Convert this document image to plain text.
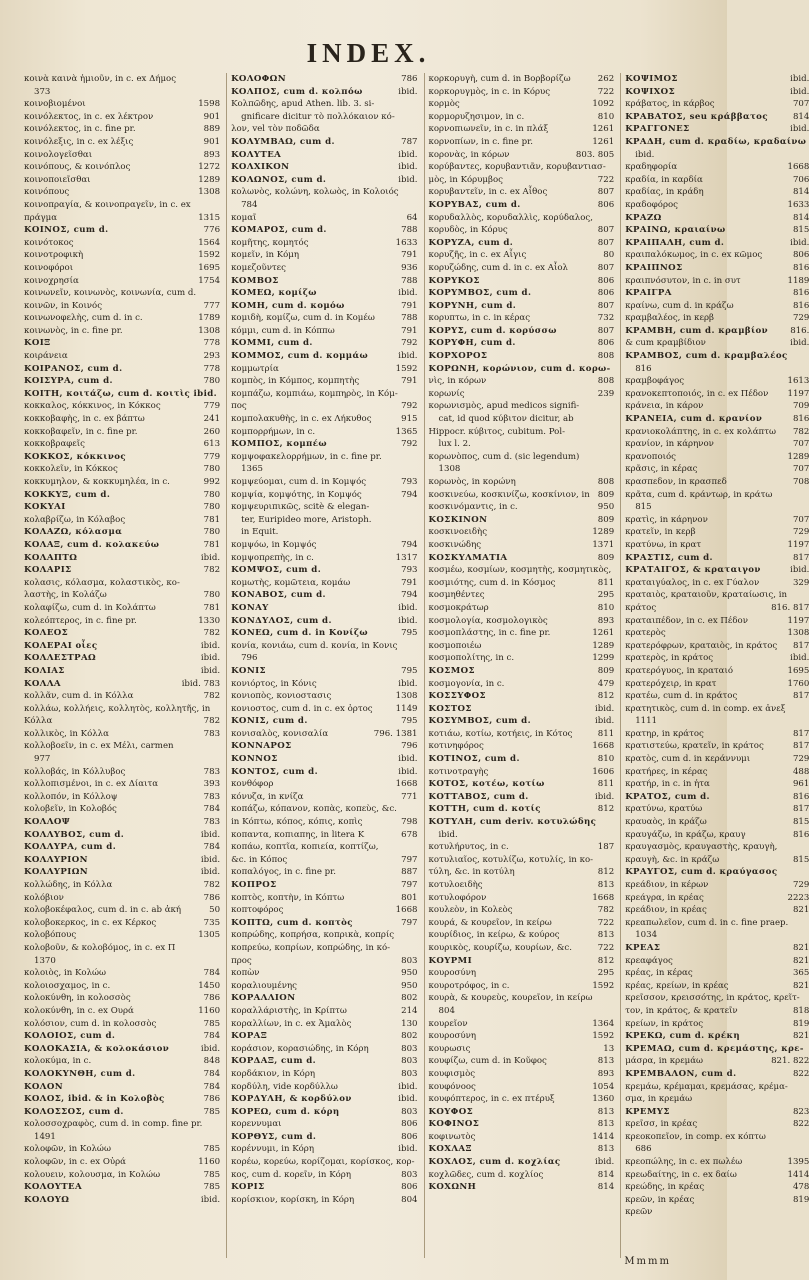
INDEX.
κοινὰ καινὰ ἡμιοῦν, in c. ex Δήμος
373
κοινοβιομένοι	1598
κοινόλεκτος, in c. ex λέκτρον	901
κοινόλεκτος, in c. fine pr.	889
κοινόλεξις, in c. ex λέξις	901
κοινολογεῖσθαι	893
κοινόπους, & κοινόπλος	1272
κοινοποιεῖσθαι	1289
κοινόπους	1308
κοινοπραγία, & κοινοπραγεῖν, in c. ex
πράγμα	1315
ΚΟΙΝΟΣ, cum d.	776
κοινότοκος	1564
κοινοτροφικὴ	1592
κοινοφόροι	1695
κοινοχρησία	1754
κοινωνεῖν, κοινωνὸς, κοινωνία, cum d.
κοινῶν, in Κοινός	777
κοινωνοφελὴς, cum d. in c.	1789
κοινωνὸς, in c. fine pr.	1308
ΚΟΙΞ	778
κοιράνεια	293
ΚΟΙΡΑΝΟΣ, cum d.	778
ΚΟΙΣΥΡΑ, cum d.	780
ΚΟΙΤΗ, κοιτάζω, cum d. κοιτὶς ibid.
κοκκαλος, κόκκινος, in Κόκκος	779
κοκκοβαφὴς, in c. ex βάπτω	241
κοκκοβαφεῖν, in c. fine pr.	260
κοκκοβραφεῖς	613
ΚΟΚΚΟΣ, κόκκινος	779
κοκκολεῖν, in Κόκκος	780
κοκκυμηλον, & κοκκυμηλέα, in c.	992
ΚΟΚΚΥΞ, cum d.	780
ΚΟΚΥΑΙ	780
κολαβρίζω, in Κόλαβος	781
ΚΟΛΑΖΩ, κόλασμα	780
ΚΟΛΑΞ, cum d. κολακεύω	781
ΚΟΛΑΠΤΩ	ibid.
ΚΟΛΑΡΙΣ	782
κολασις, κόλασμα, κολαστικὸς, κο-
λαστὴς, in Κολάζω	780
κολαφίζω, cum d. in Κολάπτω	781
κολεόπτερος, in c. fine pr.	1330
ΚΟΛΕΟΣ	782
ΚΟΛΕΡΑΙ οἶες	ibid.
ΚΟΛΛΕΣΤΡΑΩ	ibid.
ΚΟΛΙΑΣ	ibid.
ΚΟΛΛΑ	ibid. 783
κολλᾶν, cum d. in Κόλλα	782
κολλάω, κολλήεις, κολλητὸς, κολλητῆς, in
Κόλλα	782
κολλικὸς, in Κόλλα	783
κολλοβοεῖν, in c. ex Μέλι, carmen
977
κολλοβάς, in Κόλλυβος	783
κολλοπισμένοι, in c. ex Δίαιτα	393
κολλοπόν, in Κόλλοψ	783
κολοβεῖν, in Κολοβός	784
ΚΟΛΛΟΨ	783
ΚΟΛΛΥΒΟΣ, cum d.	ibid.
ΚΟΛΛΥΡΑ, cum d.	784
ΚΟΛΛΥΡΙΟΝ	ibid.
ΚΟΛΛΥΡΙΩΝ	ibid.
κολλώδης, in Κόλλα	782
κολόβιον	786
κολοβοκέφαλος, cum d. in c. ab ἀκή	50
κολοβοκερκος, in c. ex Κέρκος	735
κολοβόπους	1305
κολοβοῦν, & κολοβόμος, in c. ex Π
1370
κολοιὸς, in Κολώω	784
κολοιοσχαμος, in c.	1450
κολοκύνθη, in κολοσσὸς	786
κολοκύνθη, in c. ex Ουρά	1160
κολόσιον, cum d. in κολοσσὸς	785
ΚΟΛΟΙΟΣ, cum d.	784
ΚΟΛΟΚΑΣΙΑ, & κολοκάσιον	ibid.
κολοκύμα, in c.	848
ΚΟΛΟΚΥΝΘΗ, cum d.	784
ΚΟΛΟΝ	784
ΚΟΛΟΣ, ibid. & in Κολοβὸς	786
ΚΟΛΟΣΣΟΣ, cum d.	785
κολοσσοχραφὸς, cum d. in comp. fine pr.
1491
κολοφῶν, in Κολώω	785
κολοφῶν, in c. ex Οὐρά	1160
κολουειν, κολουσμα, in Κολώω	785
ΚΟΛΟΥΤΕΑ	785
ΚΟΛΟΥΩ	ibid.
ΚΟΛΟΦΩΝ	786
ΚΟΛΠΟΣ, cum d. κολπόω	ibid.
Κολπῶδης, apud Athen. lib. 3. si-
gnificare dicitur τὸ πολλόκαιον κό-
λον, vel τὸν ποδῶδα
ΚΟΛΥΜΒΑΩ, cum d.	787
ΚΟΛΥΤΕΑ	ibid.
ΚΟΛΧΙΚΟΝ	ibid.
ΚΟΛΩΝΟΣ, cum d.	ibid.
κολωνὸς, κολώνη, κολωὸς, in Κολοιός
784
κομαῖ	64
ΚΟΜΑΡΟΣ, cum d.	788
κομῆτης, κομητός	1633
κομεῖν, in Κόμη	791
κομεζοῦντες	936
ΚΟΜΒΟΣ	788
ΚΟΜΕΩ, κομίζω	ibid.
ΚΟΜΗ, cum d. κομόω	791
κομιδὴ, κομίζω, cum d. in Κομέω	788
κόμμι, cum d. in Κόππω	791
ΚΟΜΜΙ, cum d.	792
ΚΟΜΜΟΣ, cum d. κομμάω	ibid.
κομμωτρία	1592
κομπὸς, in Κόμπος, κομπητὴς	791
κομπάζω, κομπιάω, κομπηρὸς, in Κόμ-
πος	792
κομπολακυθὴς, in c. ex Λήκυθος	915
κομπορρήμων, in c.	1365
ΚΟΜΠΟΣ, κομπέω	792
κομψοφακελορρήμων, in c. fine pr.
1365
κομψεύομαι, cum d. in Κομψός	793
κομψία, κομψότης, in Κομψός	794
κομψευριπικῶς, scitè & elegan-
ter, Euripideo more, Aristoph.
in Equit.
κομψόω, in Κομψός	794
κομψοπρεπὴς, in c.	1317
ΚΟΜΨΟΣ, cum d.	793
κομωτὴς, κομῶτεια, κομάω	791
ΚΟΝΑΒΟΣ, cum d.	794
ΚΟΝΑΥ	ibid.
ΚΟΝΔΥΛΟΣ, cum d.	ibid.
ΚΟΝΕΩ, cum d. in Κονίζω	795
κονία, κονιάω, cum d. κονία, in Κονις
796
ΚΟΝΙΣ	795
κονιόρτος, in Κόνις	ibid.
κονιοπὸς, κονιοστασις	1308
κονιοστος, cum d. in c. ex ὀρτος	1149
ΚΟΝΙΣ, cum d.	795
κονισαλὸς, κονισαλία	796. 1381
ΚΟΝΝΑΡΟΣ	796
ΚΟΝΝΟΣ	ibid.
ΚΟΝΤΟΣ, cum d.	ibid.
κονθόφορ	1668
κόνυζα, in κνίζα	771
κοπάζω, κόπανον, κοπὰς, κοπεὺς, &c.
in Κόπτω, κόπος, κόπις, κοπὶς	798
κοπαντα, κοπιαπης, in litera K	678
κοπάω, κοπτῖα, κοπιεία, κοπτίζω,
&c. in Κόπος	797
κοπαλόγος, in c. fine pr.	887
ΚΟΠΡΟΣ	797
κοπτὸς, κοπτὴν, in Κόπτω	801
κοπτοφόρος	1668
ΚΟΠΤΩ, cum d. κοπτὸς	797
κοπρώδης, κοπρήσα, κοπρικὰ, κοπρίς
κοπρεύω, κοπρίων, κοπρώδης, in κό-
προς	803
κοπὼν	950
κοραλιουμένης	950
ΚΟΡΑΛΛΙΟΝ	802
κοραλλάριστὴς, in Κρίπτω	214
κοραλλίων, in c. ex Ἀμαλὸς	130
ΚΟΡΑΞ	802
κοράσιον, κορασιώδης, in Κόρη	803
ΚΟΡΔΑΞ, cum d.	803
κορδάκιον, in Κόρη	803
κορδύλη, vide κορδύλλω	ibid.
ΚΟΡΔΥΛΗ, & κορδύλον	ibid.
ΚΟΡΕΩ, cum d. κόρη	803
κορεννυμαι	806
ΚΟΡΘΥΣ, cum d.	806
κορέννυμι, in Κόρη	ibid.
κορέω, κορεύω, κορίζομαι, κορίσκος, κορ-
κος, cum d. κορεῖν, in Κόρη	803
ΚΟΡΙΣ	806
κορίσκιον, κορίσκη, in Κόρη	804
κορκορυγὴ, cum d. in Βορβορίζω	262
κορκορυγμὸς, in c. in Κόρυς	722
κορμὸς	1092
κορμορυζησιμον, in c.	810
κορνοπιωνεῖν, in c. in πλάξ	1261
κορνοπίων, in c. fine pr.	1261
κορονὰς, in κόρων	803. 805
κορύβαντες, κορυβαντιᾶν, κορυβαντιασ-
μὸς, in Κόρυμβος	722
κορυβαντεῖν, in c. ex Αἶθος	807
ΚΟΡΥΒΑΣ, cum d.	806
κορυδαλλὸς, κορυδαλλὶς, κορύδαλος,
κορυδὸς, in Κόρυς	807
ΚΟΡΥΖΑ, cum d.	807
κορυζῆς, in c. ex Αἶγις	80
κορυζώδης, cum d. in c. ex Αἶολ	807
ΚΟΡΥΚΟΣ	806
ΚΟΡΥΜΒΟΣ, cum d.	806
ΚΟΡΥΝΗ, cum d.	807
κορυπτω, in c. in κέρας	732
ΚΟΡΥΣ, cum d. κορύσσω	807
ΚΟΡΥΦΗ, cum d.	806
ΚΟΡΧΟΡΟΣ	808
ΚΟΡΩΝΗ, κορώνιον, cum d. κορω-
νὶς, in κόρων	808
κορωνίς	239
κορωνισμὸς, apud medicos signifi-
cat, id quod κύβιτον dicitur, ab
Hippocr. κύβιτος, cubitum. Pol-
lux l. 2.
κορωνὸπος, cum d. (sic legendum)
1308
κορωνὸς, in κορώνη	808
κοσκινεύω, κοσκινίζω, κοσκίνιον, in 809
κοσκινόμαντις, in c.	950
ΚΟΣΚΙΝΟΝ	809
κοσκινοειδὴς	1289
κοσκινώδης	1371
ΚΟΣΚΥΛΜΑΤΙΑ	809
κοσμέω, κοσμίων, κοσμητὴς, κοσμητικὸς,
κοσμιότης, cum d. in Κόσμος	811
κοσμηθέντες	295
κοσμοκράτωρ	810
κοσμολογία, κοσμολογικὸς	893
κοσμοπλάστης, in c. fine pr.	1261
κοσμοποιέω	1289
κοσμοπολίτης, in c.	1299
ΚΟΣΜΟΣ	809
κοσμογονία, in c.	479
ΚΟΣΣΥΦΟΣ	812
ΚΟΣΤΟΣ	ibid.
ΚΟΣΥΜΒΟΣ, cum d.	ibid.
κοτιάω, κοτίω, κοτήεις, in Κότος	811
κοτινηφόρος	1668
ΚΟΤΙΝΟΣ, cum d.	810
κοτινοτραγὴς	1606
ΚΟΤΟΣ, κοτέω, κοτίω	811
ΚΟΤΤΑΒΟΣ, cum d.	ibid.
ΚΟΤΤΗ, cum d. κοτίς	812
ΚΟΤΥΛΗ, cum deriv. κοτυλώδης
ibid.
κοτυλήρυτος, in c.	187
κοτυλιαῖος, κοτυλίζω, κοτυλίς, in κο-
τύλη, &c. in κοτύλη	812
κοτυλοειδὴς	813
κοτυλοφόρον	1668
κουλεὸν, in Κολεὸς	782
κουρά, & κουρεῖον, in κείρω	722
κουρίδιος, in κείρω, & κούρος	813
κουρικὸς, κουρίζω, κουρίων, &c.	722
ΚΟΥΡΜΙ	812
κουροσύνη	295
κουροτρόφος, in c.	1592
κουρὰ, & κουρεὺς, κουρεῖον, in κείρω
804
κουρεῖον	1364
κουροσύνη	1592
κουρωσις	13
κουφίζω, cum d. in Κοῦφος	813
κουφισμὸς	893
κουφόνοος	1054
κουφόπτερος, in c. ex πτέρυξ	1360
ΚΟΥΦΟΣ	813
ΚΟΦΙΝΟΣ	813
κοφινωτὸς	1414
ΚΟΧΛΑΞ	813
ΚΟΧΛΟΣ, cum d. κοχλίας	ibid.
κοχλῶδες, cum d. κοχλίος	814
ΚΟΧΩΝΗ	814
ΚΟΨΙΜΟΣ	ibid.
ΚΟΨΙΧΟΣ	ibid.
κράβατος, in κάρβος	707
ΚΡΑΒΑΤΟΣ, seu κράββατος	814
ΚΡΑΓΓΟΝΕΣ	ibid.
ΚΡΑΔΗ, cum d. κραδίω, κραδαίνω
ibid.
κραδηφορία	1668
κραδία, in καρδία	706
κραδίας, in κράδη	814
κραδοφόρος	1633
ΚΡΑΖΩ	814
ΚΡΑΙΝΩ, κραιαίνω	815
ΚΡΑΙΠΑΛΗ, cum d.	ibid.
κραιπαλόκωμος, in c. ex κῶμος	806
ΚΡΑΙΠΝΟΣ	816
κραιπνόσυτον, in c. in συτ	1189
ΚΡΑΙΓΡΑ	816
κραίνω, cum d. in κράζω	816
κραμβαλέος, in κερβ	729
ΚΡΑΜΒΗ, cum d. κραμβίον	816.
& cum κραμβίδιον	ibid.
ΚΡΑΜΒΟΣ, cum d. κραμβαλέος
816
κραμβοφάγος	1613
κρανοκεπτοποιός, in c. ex Πέδον	1197
κράνεια, in κάρον	709
ΚΡΑΝΕΙΑ, cum d. κρανίον	816
κρανιοκολάπτης, in c. ex κολάπτω	782
κρανίον, in κάρηνον	707
κρανοποιός	1289
κρᾶσις, in κέρας	707
κρασπεδον, in κρασπεδ	708
κρᾶτα, cum d. κράντωρ, in κράτω
815
κρατὶς, in κάρηνον	707
κρατεῖν, in κερβ	729
κρατύνω, in κρατ	1197
ΚΡΑΣΤΙΣ, cum d.	817
ΚΡΑΤΑΙΓΟΣ, & κραταιγον	ibid.
κραταιγύαλος, in c. ex Γύαλον	329
κραταιὸς, κραταιοῦν, κραταίωσις, in
κράτος	816. 817
κραταιπέδον, in c. ex Πέδον	1197
κρατερὸς	1308
κρατερόφρων, κραταιὸς, in κράτος	817
κρατερὸς, in κράτος	ibid.
κρατερόγυος, in κραταιό	1695
κρατερόχειρ, in κρατ	1760
κρατέω, cum d. in κράτος	817
κρατητικὸς, cum d. in comp. ex ἀνεξ
1111
κρατηρ, in κράτος	817
κρατιστεύω, κρατεῖν, in κράτος	817
κρατὸς, cum d. in κεράννυμι	729
κρατήρες, in κέρας	488
κρατήρ, in c. in ἡτα	961
ΚΡΑΤΟΣ, cum d.	816
κρατύνω, κρατύω	817
κραυαὸς, in κράζω	815
κραυγάζω, in κράζω, κραυγ	816
κραυγασμὸς, κραυγαστὴς, κραυγὴ,
κραυγὴ, &c. in κράζω	815
ΚΡΑΥΓΟΣ, cum d. κραύγασος
κρεάδιον, in κέρων	729
κρεάγρα, in κρέας	2223
κρεάδιον, in κρέας	821
κρεαπωλεῖον, cum d. in c. fine praep.
1034
ΚΡΕΑΣ	821
κρεαφάγος	821
κρέας, in κέρας	365
κρέας, κρείων, in κρέας	821
κρεῖσσον, κρεισσότης, in κράτος, κρεῖτ-
τον, in κράτος, & κρατεῖν	818
κρείων, in κράτος	819
ΚΡΕΚΩ, cum d. κρέκη	821
ΚΡΕΜΑΩ, cum d. κρεμάστης, κρε-
μάσρα, in κρεμάω	821. 822
ΚΡΕΜΒΑΛΟΝ, cum d.	822
κρεμάω, κρέμαμαι, κρεμάσας, κρέμα-
σμα, in κρεμάω
ΚΡΕΜΥΣ	823
κρεῖσσ, in κρέας	822
κρεοκοπεῖον, in comp. ex κόπτω
686
κρεοπώλης, in c. ex πωλέω	1395
κρεωδαίτης, in c. ex δαίω	1414
κρεώδης, in κρέας	478
κρεῶν, in κρέας	819
κρεῶν
Mmmm
